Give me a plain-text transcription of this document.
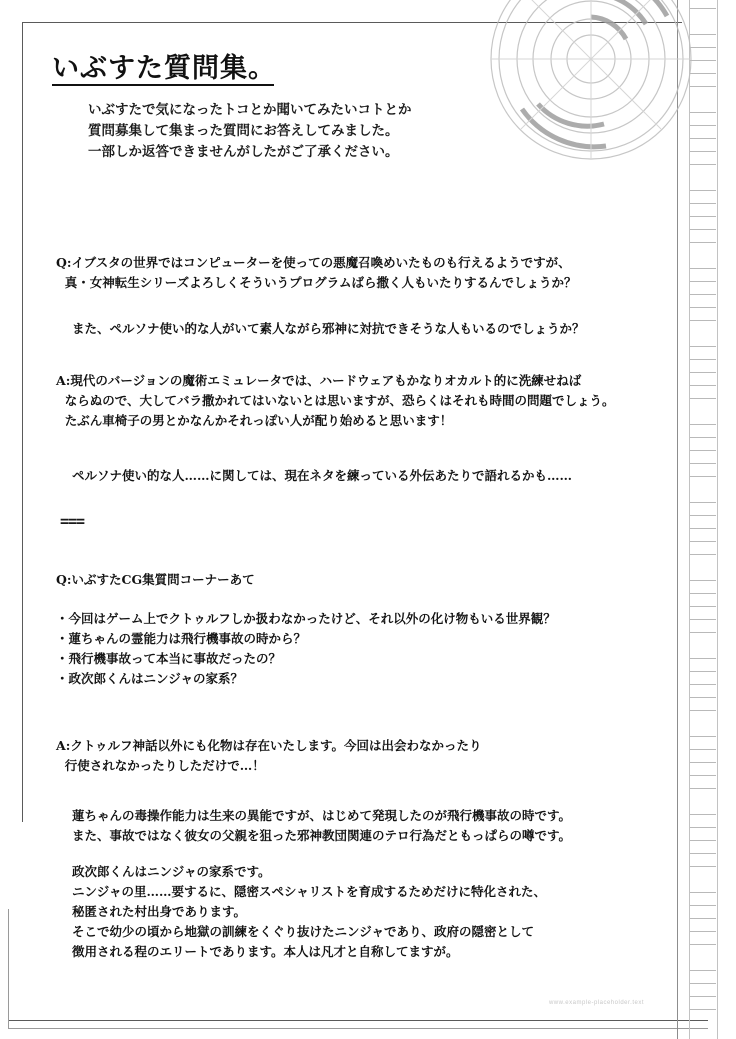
いぶすた質問集。
いぶすたで気になったトコとか聞いてみたいコトとか
質問募集して集まった質問にお答えしてみました。
一部しか返答できませんがしたがご了承ください。
Q:イブスタの世界ではコンピューターを使っての悪魔召喚めいたものも行えるようですが、
真・女神転生シリーズよろしくそういうプログラムばら撒く人もいたりするんでしょうか？
また、ペルソナ使い的な人がいて素人ながら邪神に対抗できそうな人もいるのでしょうか？
A:現代のバージョンの魔術エミュレータでは、ハードウェアもかなりオカルト的に洗練せねば
ならぬので、大してバラ撒かれてはいないとは思いますが、恐らくはそれも時間の問題でしょう。
たぶん車椅子の男とかなんかそれっぽい人が配り始めると思います！
ペルソナ使い的な人……に関しては、現在ネタを練っている外伝あたりで語れるかも……
===
Q:いぶすたCG集質問コーナーあて
・今回はゲーム上でクトゥルフしか扱わなかったけど、それ以外の化け物もいる世界観？
・蓮ちゃんの霊能力は飛行機事故の時から？
・飛行機事故って本当に事故だったの？
・政次郎くんはニンジャの家系？
A:クトゥルフ神話以外にも化物は存在いたします。今回は出会わなかったり
行使されなかったりしただけで…！
蓮ちゃんの毒操作能力は生来の異能ですが、はじめて発現したのが飛行機事故の時です。
また、事故ではなく彼女の父親を狙った邪神教団関連のテロ行為だともっぱらの噂です。
政次郎くんはニンジャの家系です。
ニンジャの里……要するに、隠密スペシャリストを育成するためだけに特化された、
秘匿された村出身であります。
そこで幼少の頃から地獄の訓練をくぐり抜けたニンジャであり、政府の隠密として
徴用される程のエリートであります。本人は凡才と自称してますが。
www.example-placeholder.text
